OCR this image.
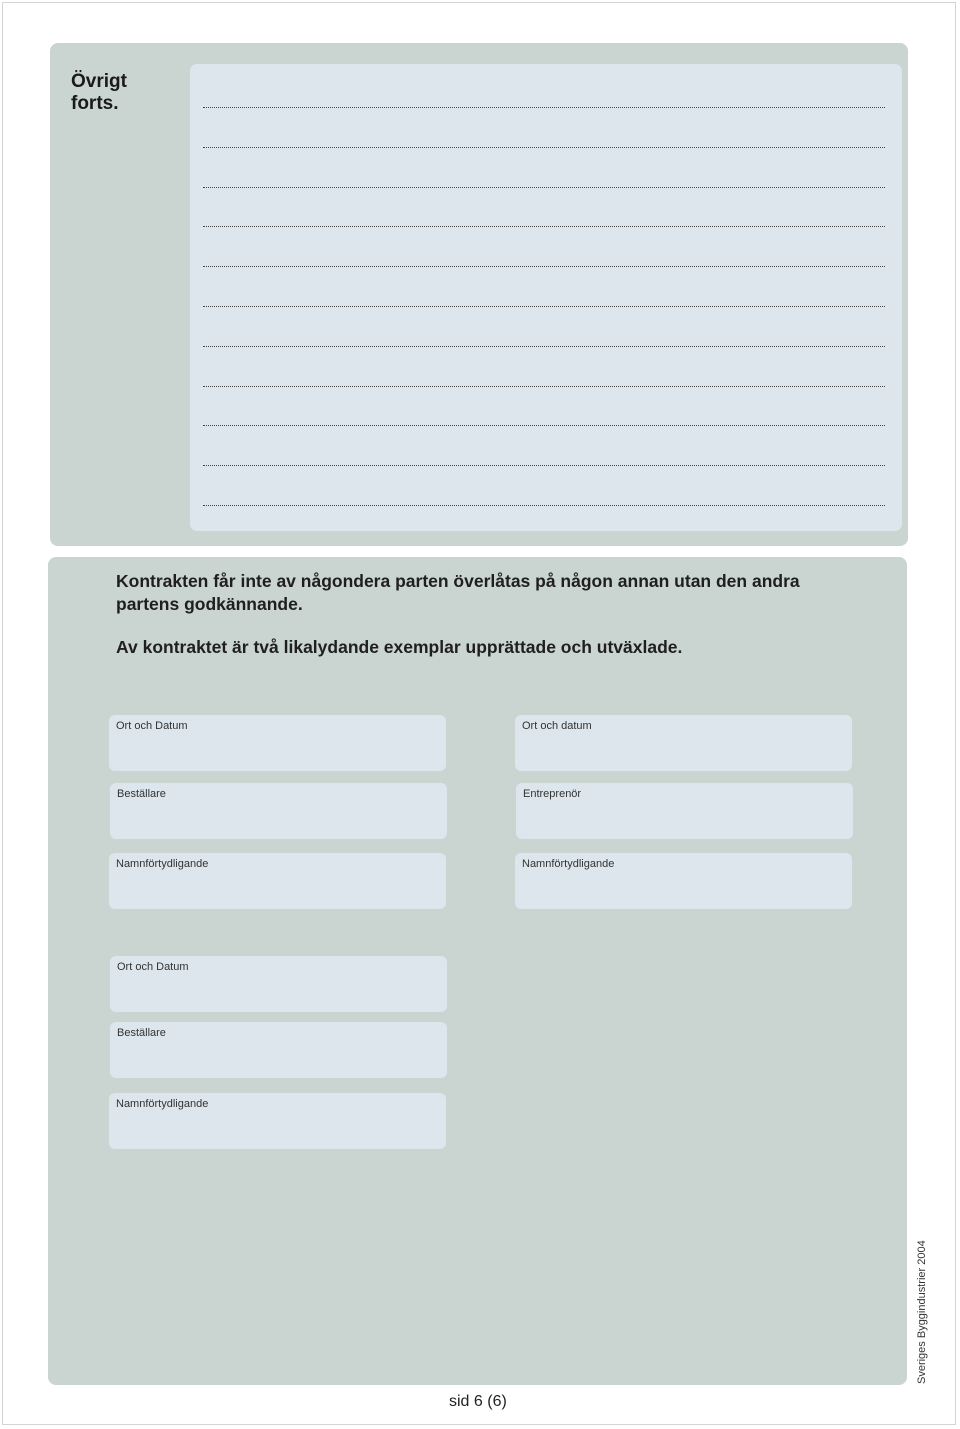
Övrigt
forts.
Kontrakten får inte av någondera parten överlåtas på någon annan utan den andra partens godkännande.
Av kontraktet är två likalydande exemplar upprättade och utväxlade.
Ort och Datum	Ort och datum
Beställare	Entreprenör
Namnförtydligande	Namnförtydligande
Ort och Datum
Beställare
Namnförtydligande
sid 6 (6)
Sveriges Byggindustrier 2004
